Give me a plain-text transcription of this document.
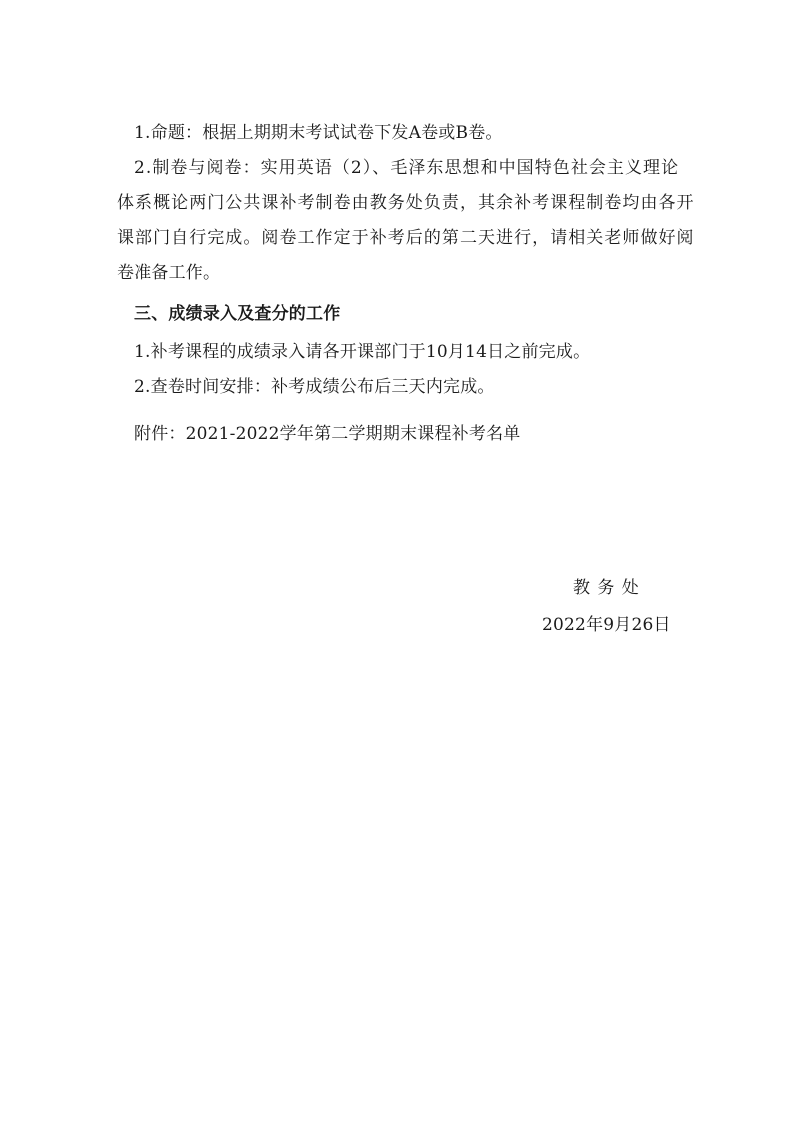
1.命题：根据上期期末考试试卷下发A卷或B卷。
2.制卷与阅卷：实用英语（2）、毛泽东思想和中国特色社会主义理论
体系概论两门公共课补考制卷由教务处负责，其余补考课程制卷均由各开
课部门自行完成。阅卷工作定于补考后的第二天进行，请相关老师做好阅
卷准备工作。
三、成绩录入及查分的工作
1.补考课程的成绩录入请各开课部门于10月14日之前完成。
2.查卷时间安排：补考成绩公布后三天内完成。
附件：2021-2022学年第二学期期末课程补考名单
教 务 处
2022年9月26日
